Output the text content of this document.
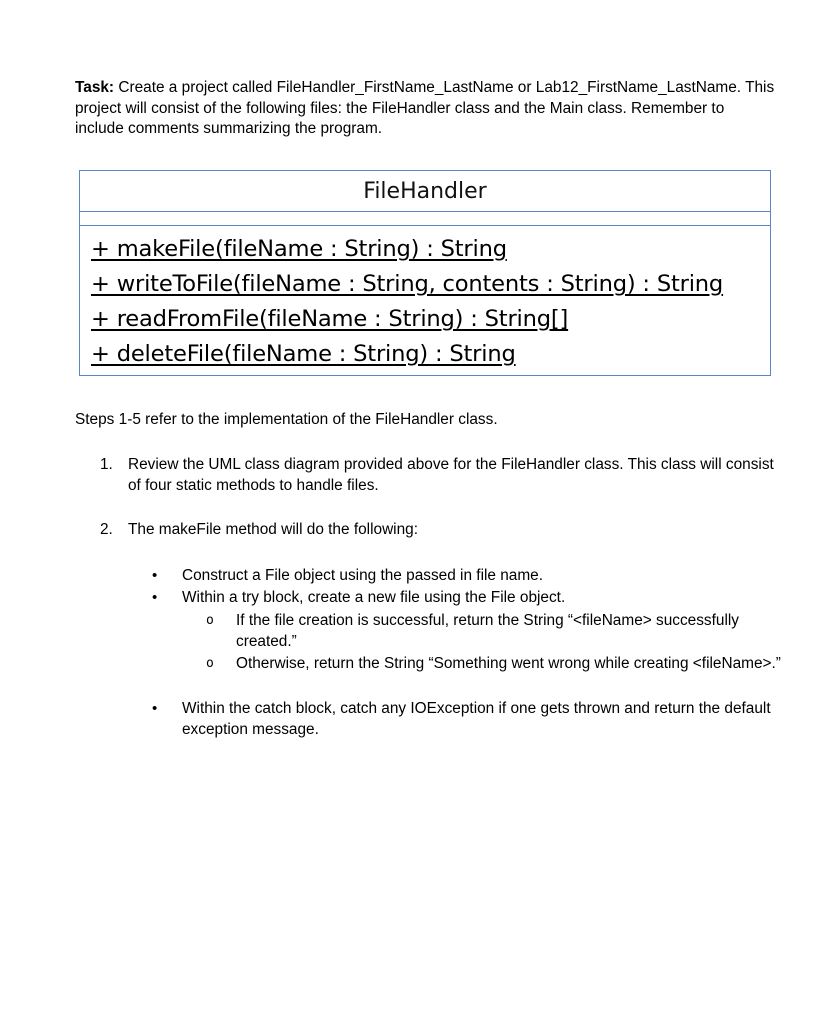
Task: Create a project called FileHandler_FirstName_LastName or Lab12_FirstName_LastName. This project will consist of the following files: the FileHandler class and the Main class. Remember to include comments summarizing the program.
FileHandler
+ makeFile(fileName : String) : String
+ writeToFile(fileName : String, contents : String) : String
+ readFromFile(fileName : String) : String[]
+ deleteFile(fileName : String) : String
Steps 1-5 refer to the implementation of the FileHandler class.
1. Review the UML class diagram provided above for the FileHandler class. This class will consist of four static methods to handle files.
2. The makeFile method will do the following:
• Construct a File object using the passed in file name.
• Within a try block, create a new file using the File object.
o If the file creation is successful, return the String “<fileName> successfully created.”
o Otherwise, return the String “Something went wrong while creating <fileName>.”
• Within the catch block, catch any IOException if one gets thrown and return the default exception message.
